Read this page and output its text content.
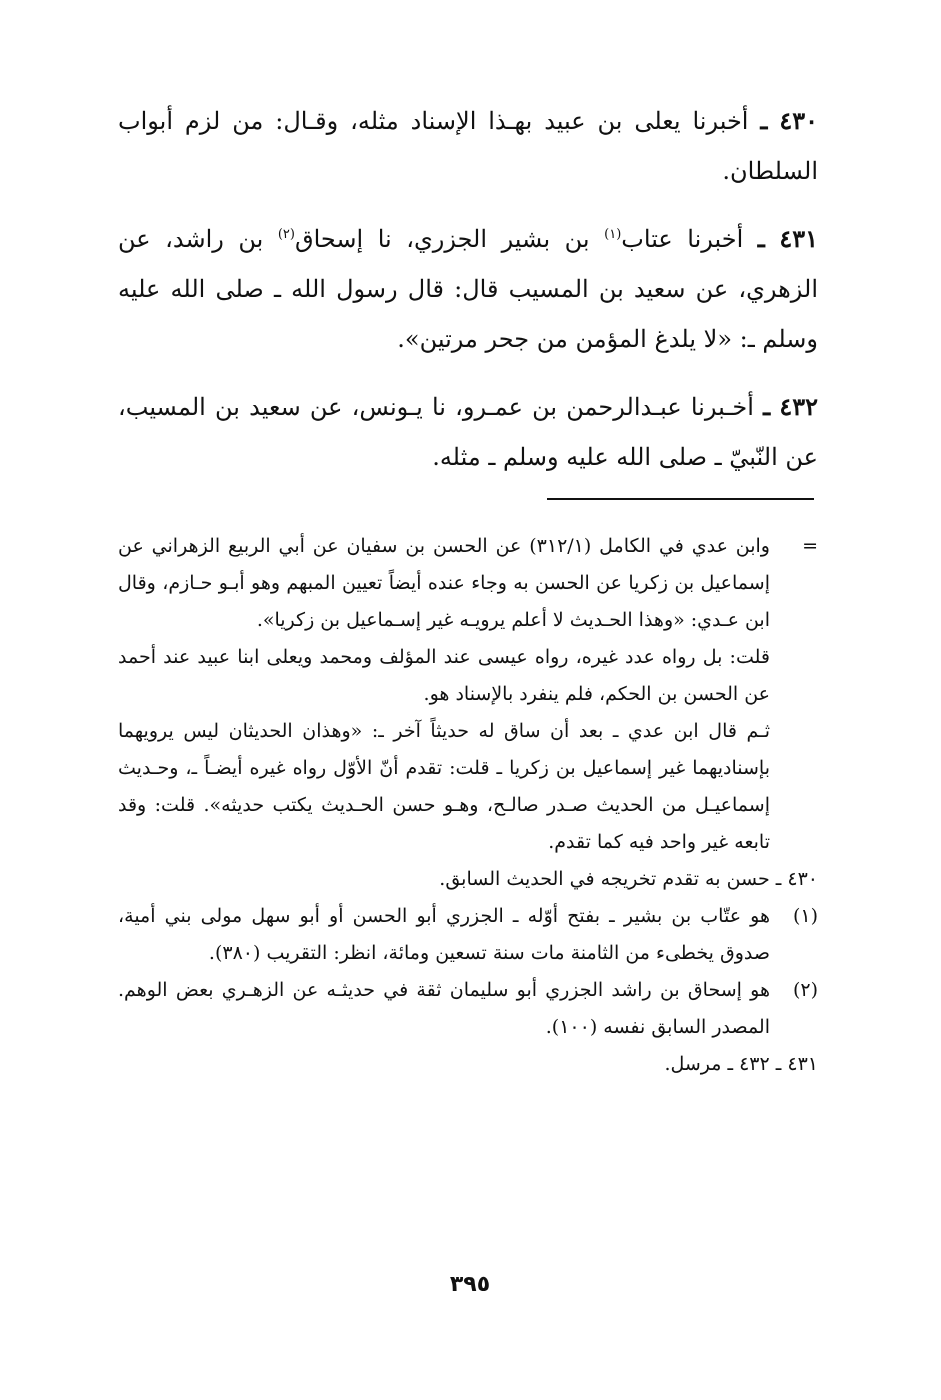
٤٣٠ ـ أخبرنا يعلى بن عبيد بهـذا الإسناد مثله، وقـال: من لزم أبواب السلطان.

٤٣١ ـ أخبرنا عتاب$^{(١)}$ بن بشير الجزري، نا إسحاق$^{(٢)}$ بن راشد، عن الزهري، عن سعيد بن المسيب قال: قال رسول الله ـ صلى الله عليه وسلم ـ: «لا يلدغ المؤمن من جحر مرتين».

٤٣٢ ـ أخـبرنا عبـدالرحمن بن عمـرو، نا يـونس، عن سعيد بن المسيب، عن النّبيّ ـ صلى الله عليه وسلم ـ مثله.

=
وابن عدي في الكامل (٣١٢/١) عن الحسن بن سفيان عن أبي الربيع الزهراني عن إسماعيل بن زكريا عن الحسن به وجاء عنده أيضاً تعيين المبهم وهو أبـو حـازم، وقال ابن عـدي: «وهذا الحـديث لا أعلم يرويـه غير إسـماعيل بن زكريا».
قلت: بل رواه عدد غيره، رواه عيسى عند المؤلف ومحمد ويعلى ابنا عبيد عند أحمد عن الحسن بن الحكم، فلم ينفرد بالإسناد هو.
ثـم قال ابن عدي ـ بعد أن ساق له حديثاً آخر ـ: «وهذان الحديثان ليس يرويهما بإسناديهما غير إسماعيل بن زكريا ـ قلت: تقدم أنّ الأوّل رواه غيره أيضـاً ـ، وحـديث إسماعيـل من الحديث صـدر صالـح، وهـو حسن الحـديث يكتب حديثه». قلت: وقد تابعه غير واحد فيه كما تقدم.
٤٣٠ ـ حسن به تقدم تخريجه في الحديث السابق.
(١)
هو عتّاب بن بشير ـ بفتح أوّله ـ الجزري أبو الحسن أو أبو سهل مولى بني أمية، صدوق يخطىء من الثامنة مات سنة تسعين ومائة، انظر: التقريب (٣٨٠).
(٢)
هو إسحاق بن راشد الجزري أبو سليمان ثقة في حديثـه عن الزهـري بعض الوهم. المصدر السابق نفسه (١٠٠).
٤٣١ ـ ٤٣٢ ـ مرسل.
٣٩٥
